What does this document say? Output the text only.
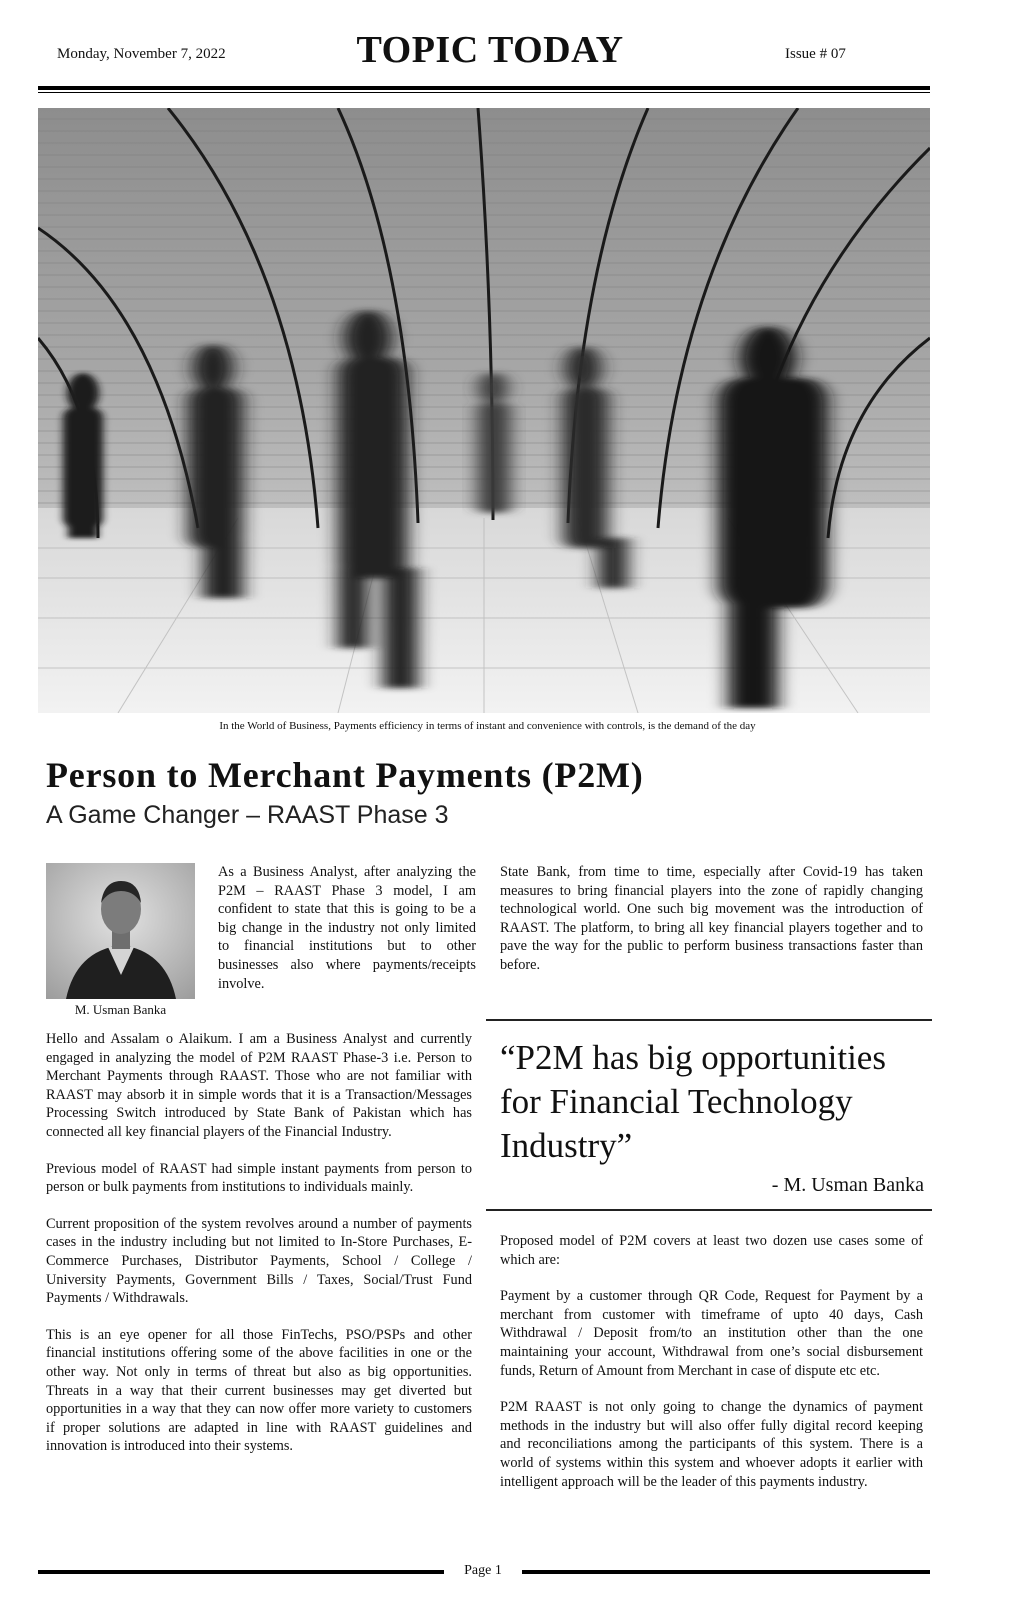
Monday, November 7, 2022	TOPIC TODAY	Issue # 07
In the World of Business, Payments efficiency in terms of instant and convenience with controls, is the demand of the day
Person to Merchant Payments (P2M)
A Game Changer – RAAST Phase 3
M. Usman Banka
As a Business Analyst, after analyzing the P2M – RAAST Phase 3 model, I am confident to state that this is going to be a big change in the industry not only limited to financial institutions but to other businesses also where payments/receipts involve.

Hello and Assalam o Alaikum. I am a Business Analyst and currently engaged in analyzing the model of P2M RAAST Phase-3 i.e. Person to Merchant Payments through RAAST. Those who are not familiar with RAAST may absorb it in simple words that it is a Transaction/Messages Processing Switch introduced by State Bank of Pakistan which has connected all key financial players of the Financial Industry.

Previous model of RAAST had simple instant payments from person to person or bulk payments from institutions to individuals mainly.

Current proposition of the system revolves around a number of payments cases in the industry including but not limited to In-Store Purchases, E-Commerce Purchases, Distributor Payments, School / College / University Payments, Government Bills / Taxes, Social/Trust Fund Payments / Withdrawals.

This is an eye opener for all those FinTechs, PSO/PSPs and other financial institutions offering some of the above facilities in one or the other way. Not only in terms of threat but also as big opportunities. Threats in a way that their current businesses may get diverted but opportunities in a way that they can now offer more variety to customers if proper solutions are adapted in line with RAAST guidelines and innovation is introduced into their systems.

State Bank, from time to time, especially after Covid-19 has taken measures to bring financial players into the zone of rapidly changing technological world. One such big movement was the introduction of RAAST. The platform, to bring all key financial players together and to pave the way for the public to perform business transactions faster than before.
“P2M has big opportunities for Financial Technology Industry”
- M. Usman Banka

Proposed model of P2M covers at least two dozen use cases some of which are:

Payment by a customer through QR Code, Request for Payment by a merchant from customer with timeframe of upto 40 days, Cash Withdrawal / Deposit from/to an institution other than the one maintaining your account, Withdrawal from one’s social disbursement funds, Return of Amount from Merchant in case of dispute etc etc.

P2M RAAST is not only going to change the dynamics of payment methods in the industry but will also offer fully digital record keeping and reconciliations among the participants of this system. There is a world of systems within this system and whoever adopts it earlier with intelligent approach will be the leader of this payments industry.

Page 1
